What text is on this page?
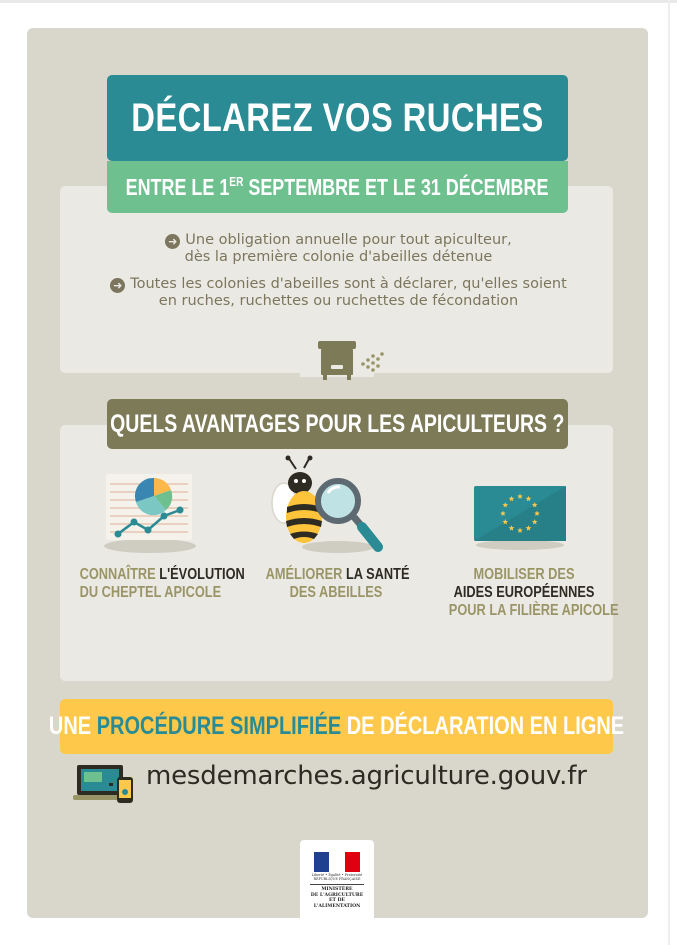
DÉCLAREZ VOS RUCHES
ENTRE LE 1ER SEPTEMBRE ET LE 31 DÉCEMBRE
➜ Une obligation annuelle pour tout apiculteur,
dès la première colonie d'abeilles détenue
➜ Toutes les colonies d'abeilles sont à déclarer, qu'elles soient
en ruches, ruchettes ou ruchettes de fécondation
QUELS AVANTAGES POUR LES APICULTEURS ?
CONNAÎTRE L'ÉVOLUTION
DU CHEPTEL APICOLE
AMÉLIORER LA SANTÉ
DES ABEILLES
MOBILISER DES
AIDES EUROPÉENNES
POUR LA FILIÈRE APICOLE
UNE PROCÉDURE SIMPLIFIÉE DE DÉCLARATION EN LIGNE
mesdemarches.agriculture.gouv.fr
Liberté • Égalité • Fraternité
RÉPUBLIQUE FRANÇAISE
MINISTÈRE
DE L'AGRICULTURE
ET DE
L'ALIMENTATION
